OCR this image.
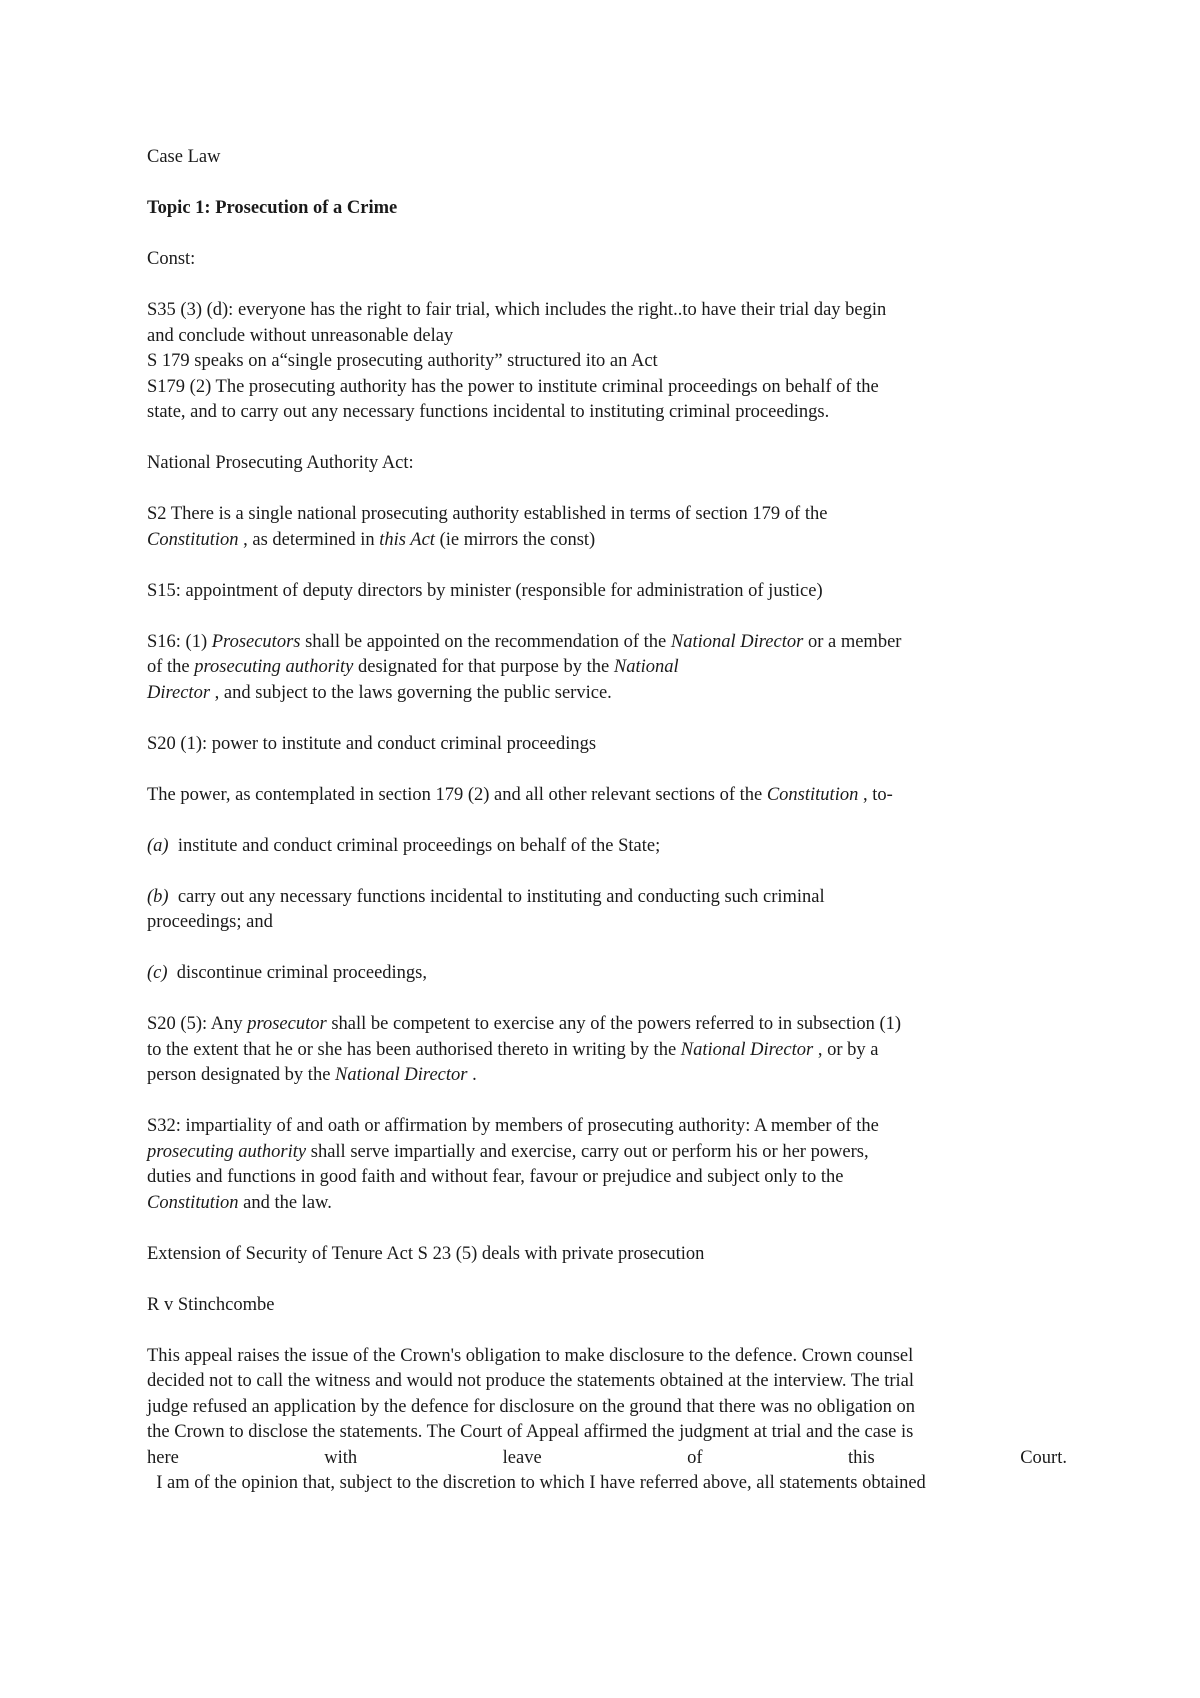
Case Law

Topic 1: Prosecution of a Crime

Const:

S35 (3) (d): everyone has the right to fair trial, which includes the right..to have their trial day begin
and conclude without unreasonable delay
S 179 speaks on a“single prosecuting authority” structured ito an Act
S179 (2) The prosecuting authority has the power to institute criminal proceedings on behalf of the
state, and to carry out any necessary functions incidental to instituting criminal proceedings.

National Prosecuting Authority Act:

S2 There is a single national prosecuting authority established in terms of section 179 of the
Constitution , as determined in this Act (ie mirrors the const)

S15: appointment of deputy directors by minister (responsible for administration of justice)

S16: (1) Prosecutors shall be appointed on the recommendation of the National Director or a member
of the prosecuting authority designated for that purpose by the National
Director , and subject to the laws governing the public service.

S20 (1): power to institute and conduct criminal proceedings

The power, as contemplated in section 179 (2) and all other relevant sections of the Constitution , to-

(a)  institute and conduct criminal proceedings on behalf of the State;

(b)  carry out any necessary functions incidental to instituting and conducting such criminal
proceedings; and

(c)  discontinue criminal proceedings,

S20 (5): Any prosecutor shall be competent to exercise any of the powers referred to in subsection (1)
to the extent that he or she has been authorised thereto in writing by the National Director , or by a
person designated by the National Director .
S32: impartiality of and oath or affirmation by members of prosecuting authority: A member of the
prosecuting authority shall serve impartially and exercise, carry out or perform his or her powers,
duties and functions in good faith and without fear, favour or prejudice and subject only to the
Constitution and the law.

Extension of Security of Tenure Act S 23 (5) deals with private prosecution

R v Stinchcombe

This appeal raises the issue of the Crown's obligation to make disclosure to the defence. Crown counsel
decided not to call the witness and would not produce the statements obtained at the interview. The trial
judge refused an application by the defence for disclosure on the ground that there was no obligation on
the Crown to disclose the statements. The Court of Appeal affirmed the judgment at trial and the case is
here	with	leave	of	this	Court.
I am of the opinion that, subject to the discretion to which I have referred above, all statements obtained
